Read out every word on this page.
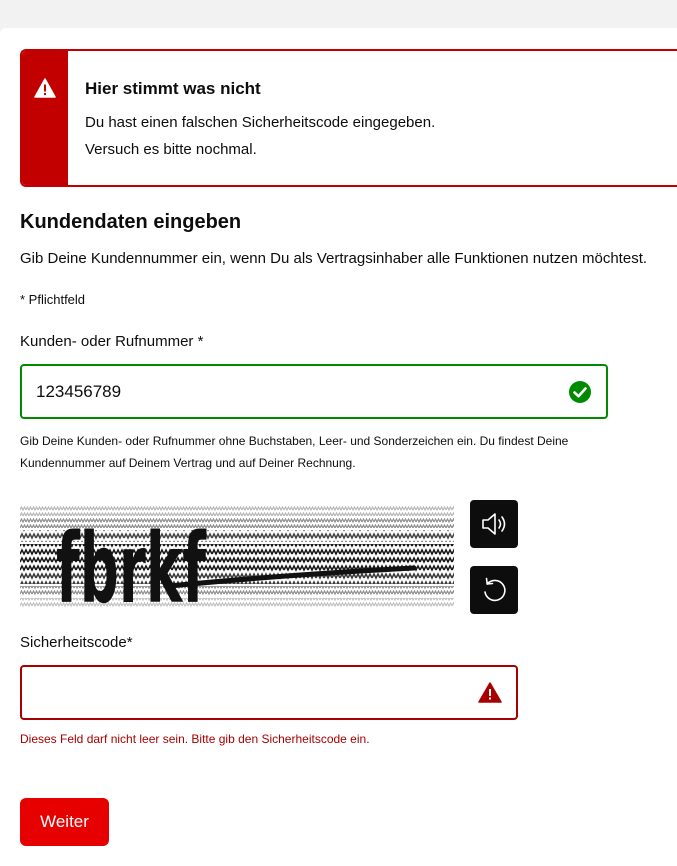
Hier stimmt was nicht
Du hast einen falschen Sicherheitscode eingegeben.
Versuch es bitte nochmal.
Kundendaten eingeben
Gib Deine Kundennummer ein, wenn Du als Vertragsinhaber alle Funktionen nutzen möchtest.
* Pflichtfeld
Kunden- oder Rufnummer *
123456789
Gib Deine Kunden- oder Rufnummer ohne Buchstaben, Leer- und Sonderzeichen ein. Du findest Deine Kundennummer auf Deinem Vertrag und auf Deiner Rechnung.
fbrkf
Sicherheitscode*
Dieses Feld darf nicht leer sein. Bitte gib den Sicherheitscode ein.
Weiter
